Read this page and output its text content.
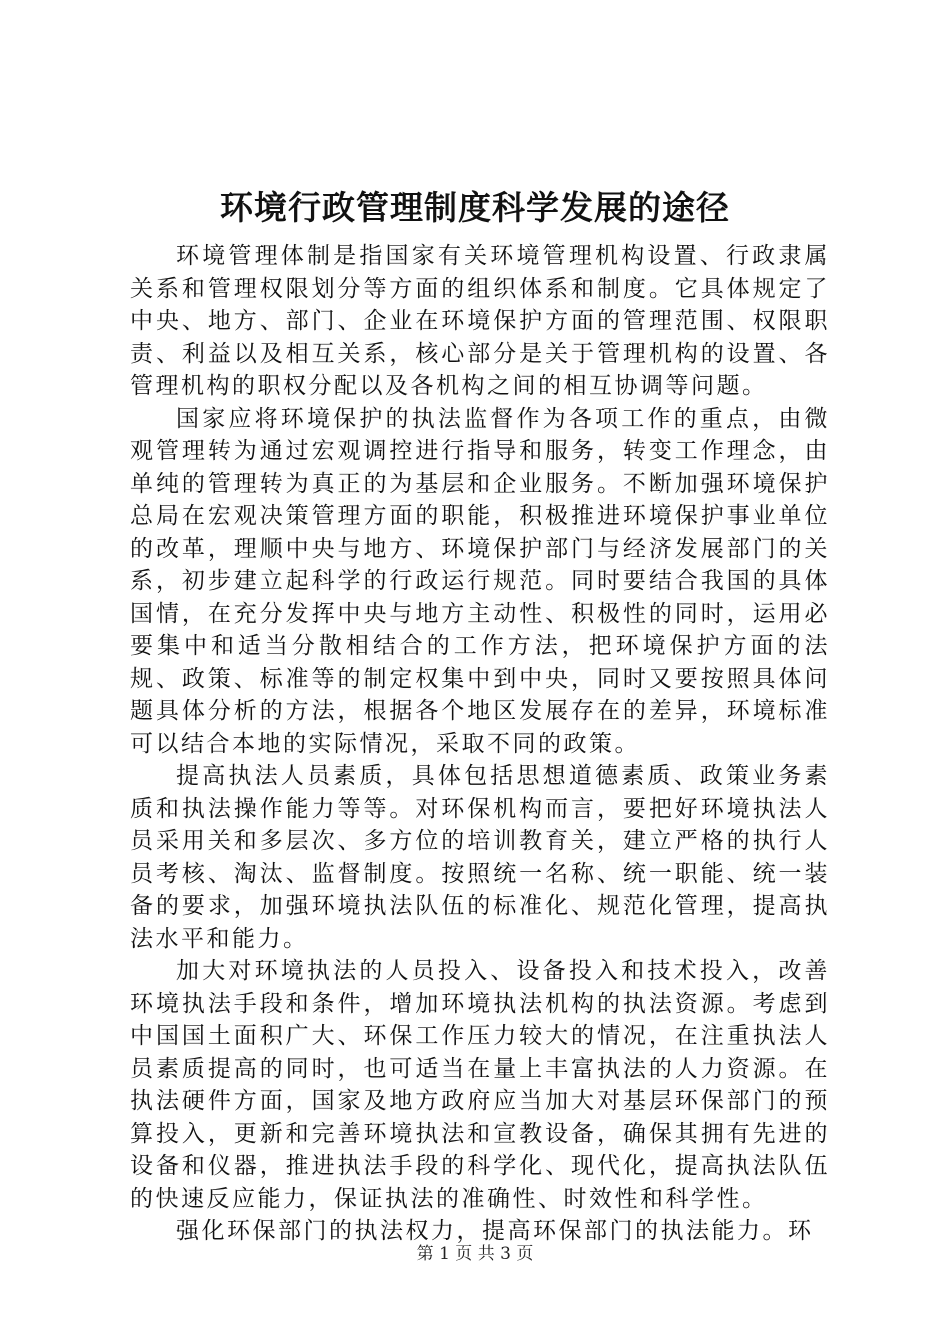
环境行政管理制度科学发展的途径

环境管理体制是指国家有关环境管理机构设置、行政隶属关系和管理权限划分等方面的组织体系和制度。它具体规定了中央、地方、部门、企业在环境保护方面的管理范围、权限职责、利益以及相互关系，核心部分是关于管理机构的设置、各管理机构的职权分配以及各机构之间的相互协调等问题。

国家应将环境保护的执法监督作为各项工作的重点，由微观管理转为通过宏观调控进行指导和服务，转变工作理念，由单纯的管理转为真正的为基层和企业服务。不断加强环境保护总局在宏观决策管理方面的职能，积极推进环境保护事业单位的改革，理顺中央与地方、环境保护部门与经济发展部门的关系，初步建立起科学的行政运行规范。同时要结合我国的具体国情，在充分发挥中央与地方主动性、积极性的同时，运用必要集中和适当分散相结合的工作方法，把环境保护方面的法规、政策、标准等的制定权集中到中央，同时又要按照具体问题具体分析的方法，根据各个地区发展存在的差异，环境标准可以结合本地的实际情况，采取不同的政策。

提高执法人员素质，具体包括思想道德素质、政策业务素质和执法操作能力等等。对环保机构而言，要把好环境执法人员采用关和多层次、多方位的培训教育关，建立严格的执行人员考核、淘汰、监督制度。按照统一名称、统一职能、统一装备的要求，加强环境执法队伍的标准化、规范化管理，提高执法水平和能力。

加大对环境执法的人员投入、设备投入和技术投入，改善环境执法手段和条件，增加环境执法机构的执法资源。考虑到中国国土面积广大、环保工作压力较大的情况，在注重执法人员素质提高的同时，也可适当在量上丰富执法的人力资源。在执法硬件方面，国家及地方政府应当加大对基层环保部门的预算投入，更新和完善环境执法和宣教设备，确保其拥有先进的设备和仪器，推进执法手段的科学化、现代化，提高执法队伍的快速反应能力，保证执法的准确性、时效性和科学性。

强化环保部门的执法权力，提高环保部门的执法能力。环

第 1 页 共 3 页
